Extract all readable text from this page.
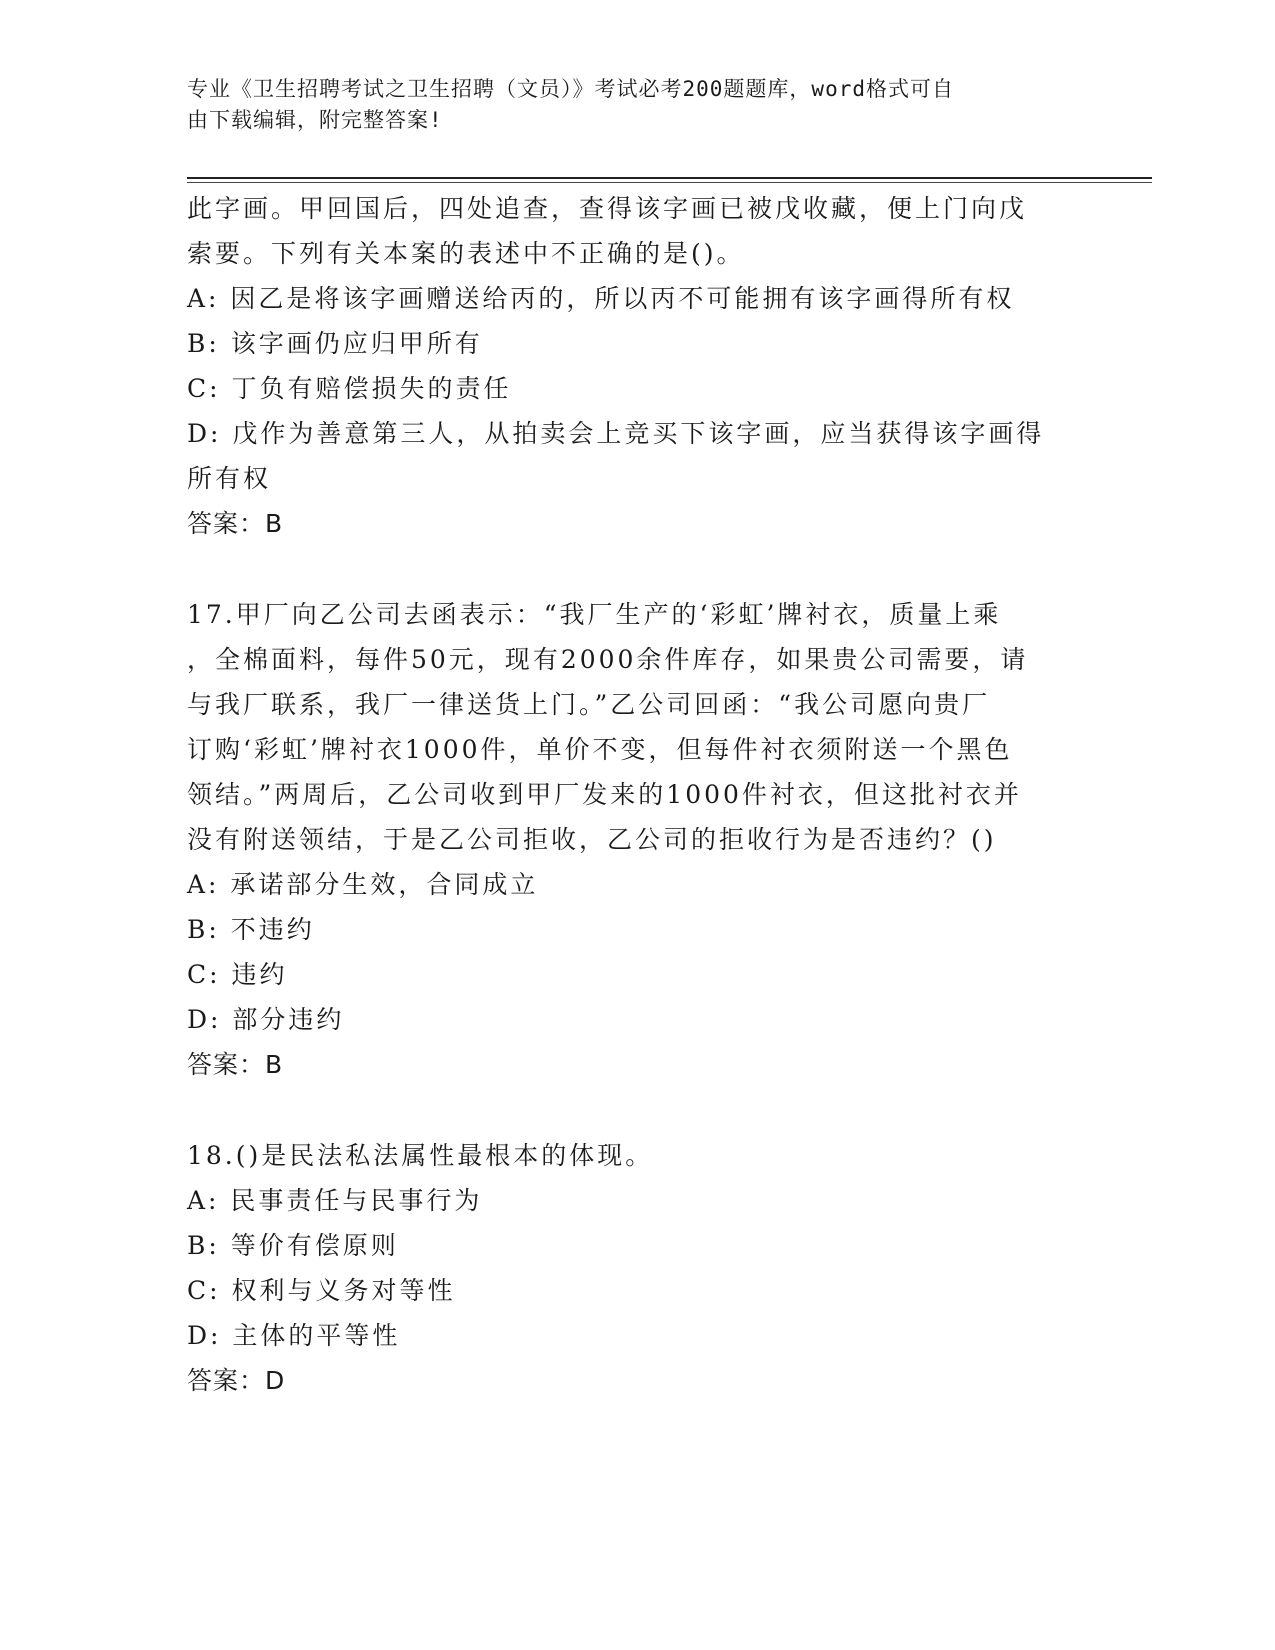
专业《卫生招聘考试之卫生招聘（文员）》考试必考200题题库，word格式可自
由下载编辑，附完整答案!
此字画。甲回国后，四处追查，查得该字画已被戊收藏，便上门向戊
索要。下列有关本案的表述中不正确的是()。
A: 因乙是将该字画赠送给丙的，所以丙不可能拥有该字画得所有权
B: 该字画仍应归甲所有
C: 丁负有赔偿损失的责任
D: 戊作为善意第三人，从拍卖会上竞买下该字画，应当获得该字画得
所有权
答案：B
17.甲厂向乙公司去函表示：“我厂生产的‘彩虹’牌衬衣，质量上乘
，全棉面料，每件50元，现有2000余件库存，如果贵公司需要，请
与我厂联系，我厂一律送货上门。”乙公司回函：“我公司愿向贵厂
订购‘彩虹’牌衬衣1000件，单价不变，但每件衬衣须附送一个黑色
领结。”两周后，乙公司收到甲厂发来的1000件衬衣，但这批衬衣并
没有附送领结，于是乙公司拒收，乙公司的拒收行为是否违约？()
A: 承诺部分生效，合同成立
B: 不违约
C: 违约
D: 部分违约
答案：B
18.()是民法私法属性最根本的体现。
A: 民事责任与民事行为
B: 等价有偿原则
C: 权利与义务对等性
D: 主体的平等性
答案：D
